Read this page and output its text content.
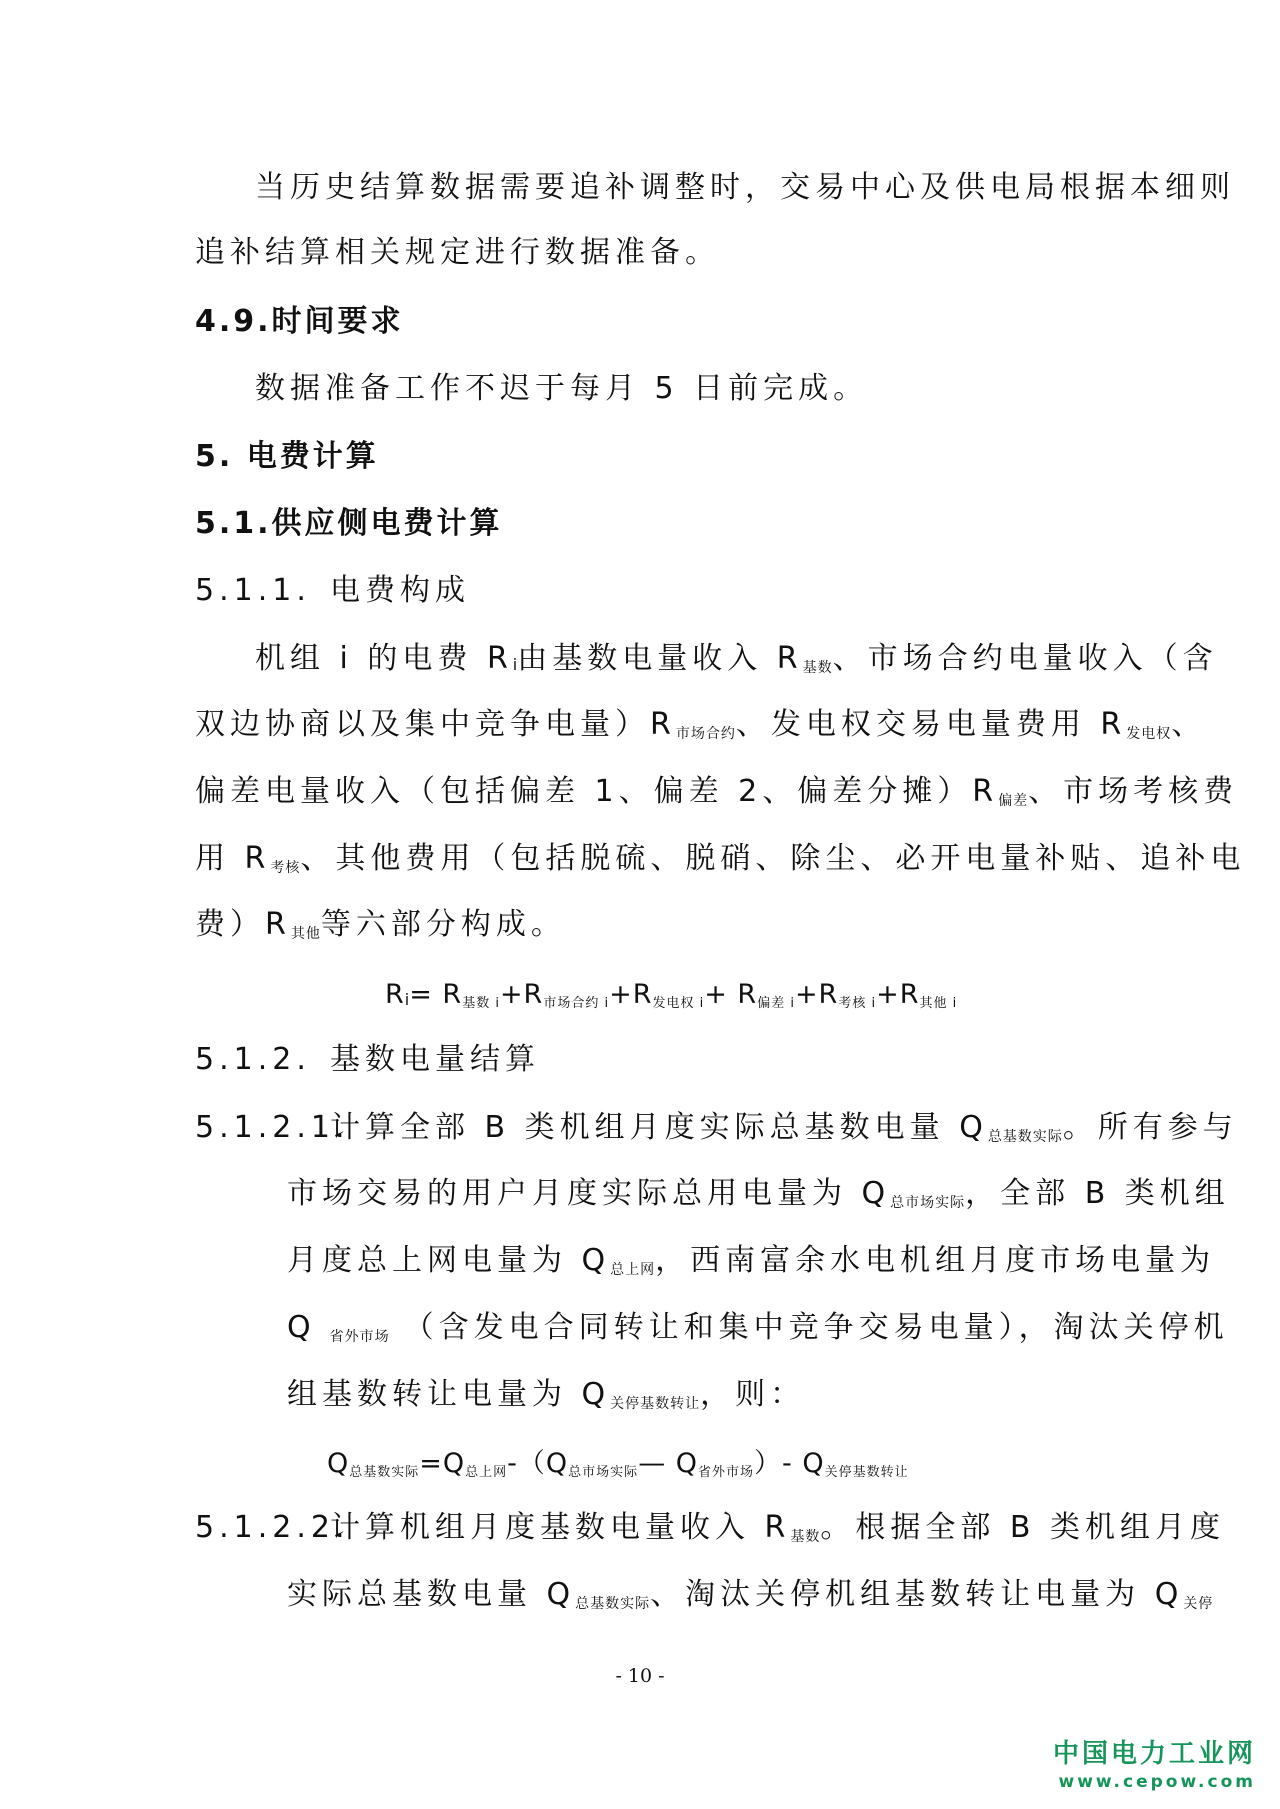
当历史结算数据需要追补调整时，交易中心及供电局根据本细则
追补结算相关规定进行数据准备。
4.9.时间要求
数据准备工作不迟于每月 5 日前完成。
5. 电费计算
5.1.供应侧电费计算
5.1.1. 电费构成
机组 i 的电费 Ri由基数电量收入 $R_{基数}$、市场合约电量收入（含
双边协商以及集中竞争电量）$R_{市场合约}$、发电权交易电量费用 $R_{发电权}$、
偏差电量收入（包括偏差 1、偏差 2、偏差分摊）$R_{偏差}$、市场考核费
用 $R_{考核}$、其他费用（包括脱硫、脱硝、除尘、必开电量补贴、追补电
费）$R_{其他}$等六部分构成。
$Ri= R_{基数 i}+R_{市场合约 i}+R_{发电权 i}+ R_{偏差 i}+R_{考核 i}+R_{其他 i}$
5.1.2. 基数电量结算
5.1.2.1.
计算全部 B 类机组月度实际总基数电量 $Q_{总基数实际}$。所有参与
市场交易的用户月度实际总用电量为 $Q_{总市场实际}$，全部 B 类机组
月度总上网电量为 $Q_{总上网}$，西南富余水电机组月度市场电量为
Q $_{省外市场}$ （含发电合同转让和集中竞争交易电量），淘汰关停机
组基数转让电量为 $Q_{关停基数转让}$，则：
$Q_{总基数实际}=Q_{总上网}-(Q_{总市场实际}—$ $Q_{省外市场})-$ $Q_{关停基数转让}$
5.1.2.2.
计算机组月度基数电量收入 $R_{基数}$。根据全部 B 类机组月度
实际总基数电量 $Q_{总基数实际}$、淘汰关停机组基数转让电量为 $Q_{关停}$
- 10 -
中国电力工业网
www.cepow.com
